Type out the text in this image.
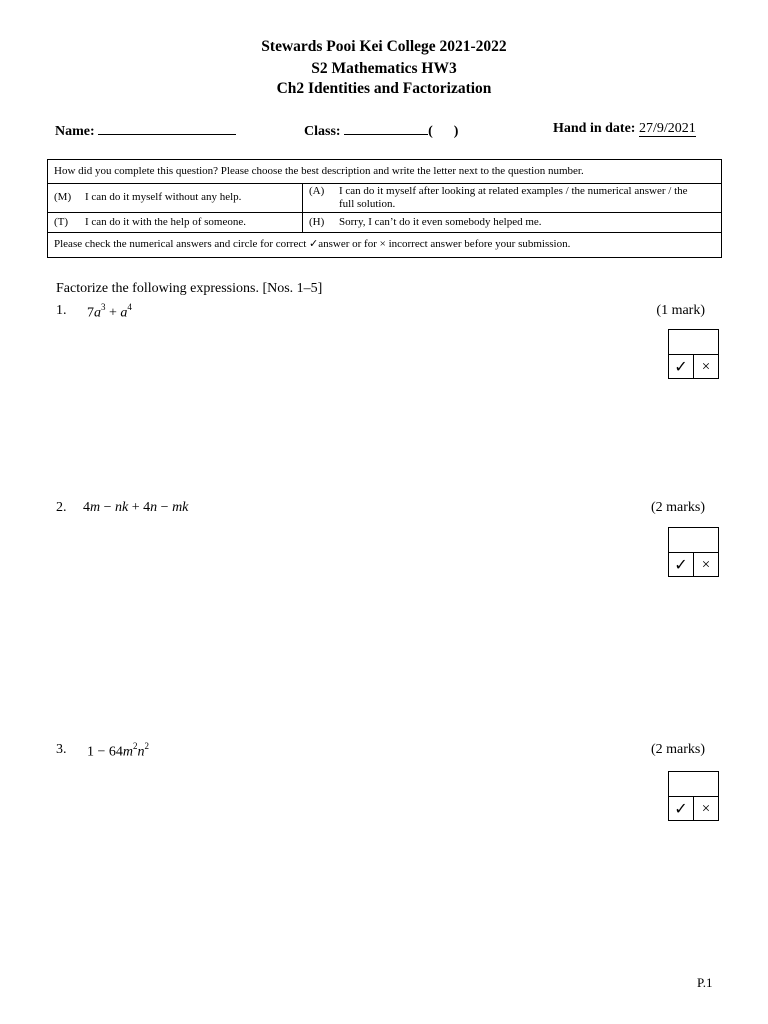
Stewards Pooi Kei College 2021-2022
S2 Mathematics HW3
Ch2 Identities and Factorization
Name:	Class:	(      )	Hand in date: 27/9/2021
How did you complete this question? Please choose the best description and write the letter next to the question number.
(M) I can do it myself without any help.	(A) I can do it myself after looking at related examples / the numerical answer / the full solution.
(T) I can do it with the help of someone.	(H) Sorry, I can’t do it even somebody helped me.
Please check the numerical answers and circle for correct ✓answer or for × incorrect answer before your submission.
Factorize the following expressions. [Nos. 1–5]
1. $7a^3 + a^4$	(1 mark)
✓ ×
2. 4m − nk + 4n − mk	(2 marks)
✓ ×
3. $1 - 64m^2n^2$	(2 marks)
✓ ×
P.1
